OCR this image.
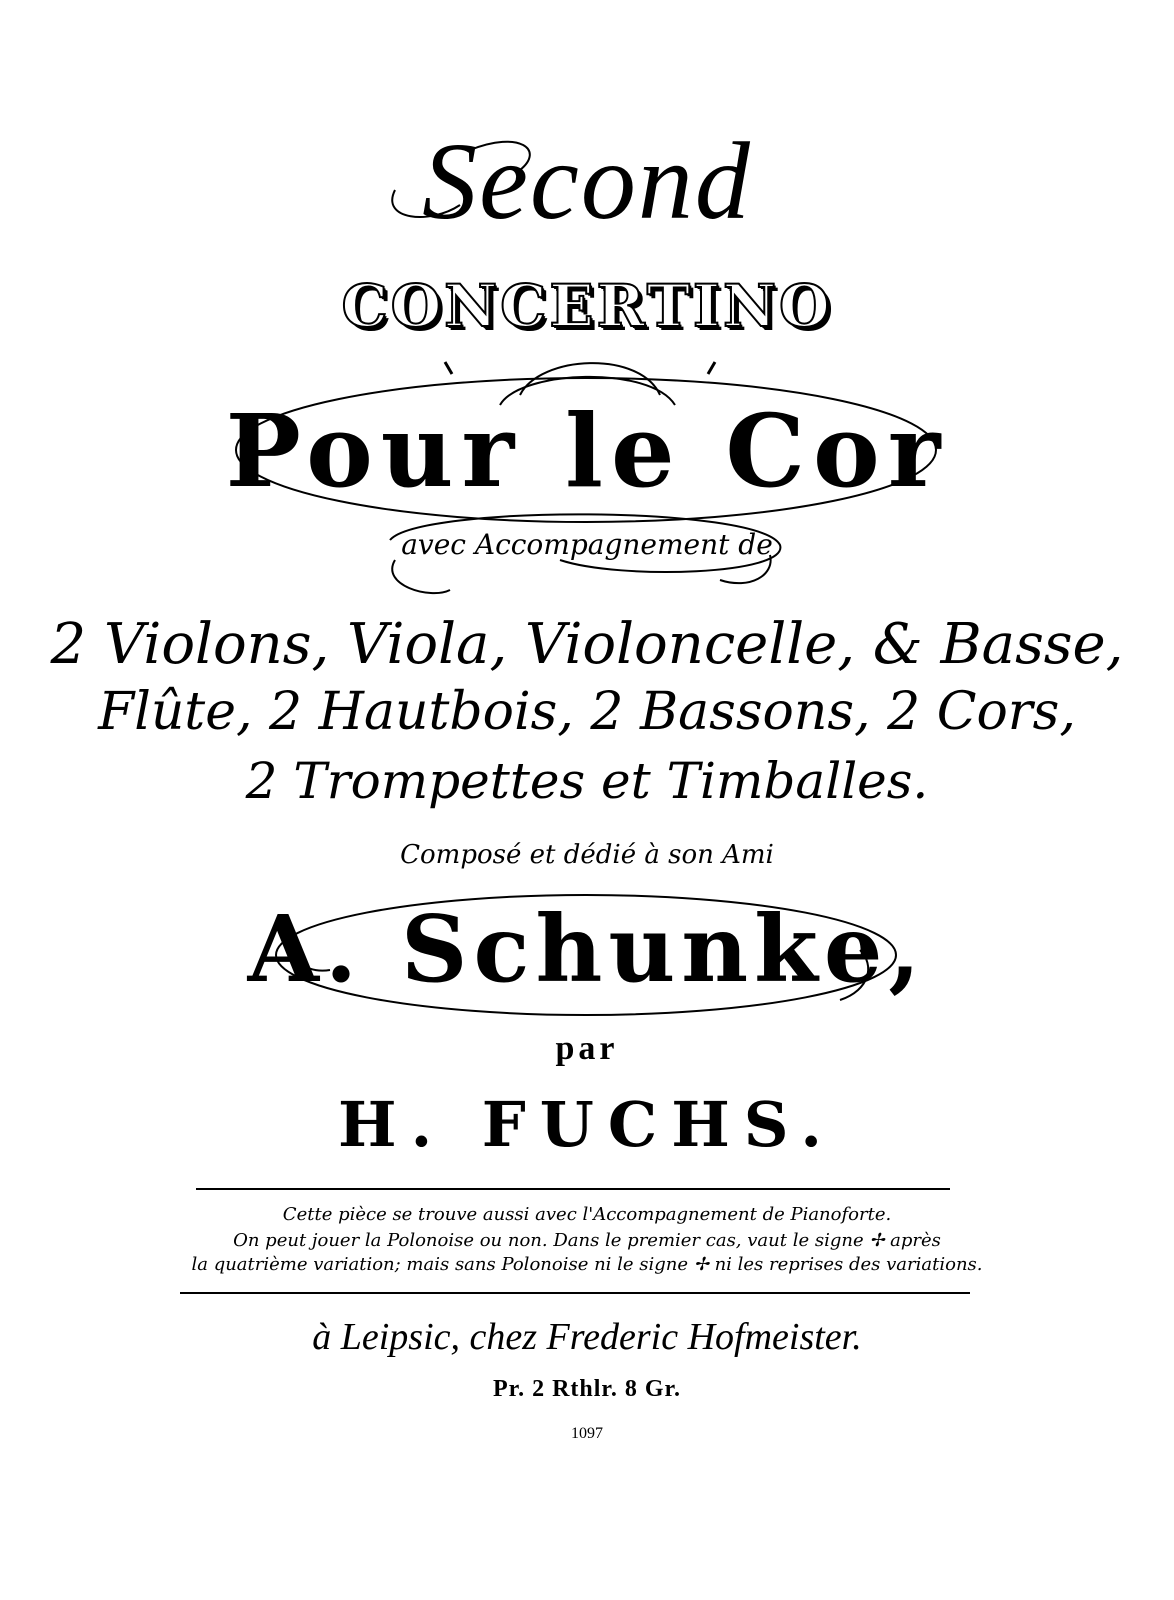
Second
CONCERTINO
Pour le Cor
avec Accompagnement de
2 Violons, Viola, Violoncelle, & Basse,
Flûte, 2 Hautbois, 2 Bassons, 2 Cors,
2 Trompettes et Timballes.
Composé et dédié à son Ami
A. Schunke,
par
H. FUCHS.
Cette pièce se trouve aussi avec l'Accompagnement de Pianoforte.
On peut jouer la Polonoise ou non. Dans le premier cas, vaut le signe ✢ après
la quatrième variation; mais sans Polonoise ni le signe ✢ ni les reprises des variations.
à Leipsic, chez Frederic Hofmeister.
Pr. 2 Rthlr. 8 Gr.
1097
